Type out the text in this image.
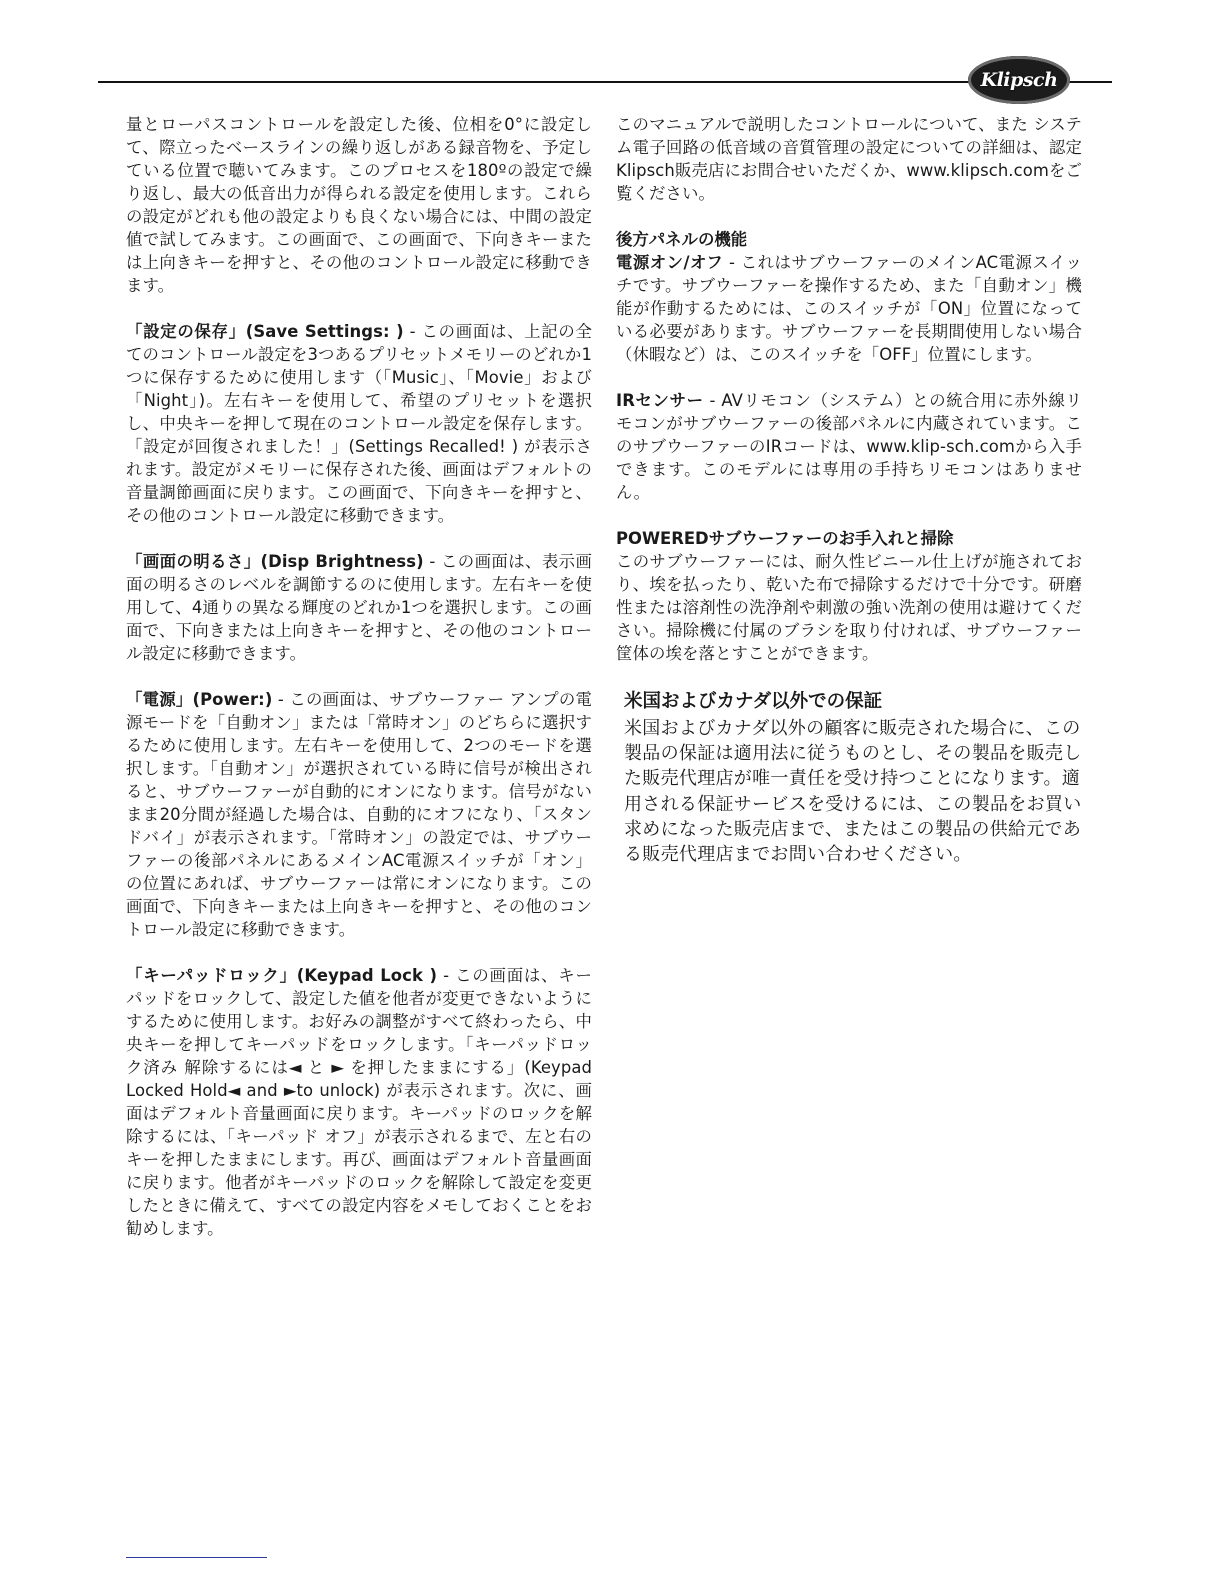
Klipsch

量とローパスコントロールを設定した後、位相を0°に設定して、際立ったベースラインの繰り返しがある録音物を、予定している位置で聴いてみます。このプロセスを180ºの設定で繰り返し、最大の低音出力が得られる設定を使用します。これらの設定がどれも他の設定よりも良くない場合には、中間の設定値で試してみます。この画面で、この画面で、下向きキーまたは上向きキーを押すと、その他のコントロール設定に移動できます。

「設定の保存」(Save Settings: ) - この画面は、上記の全てのコントロール設定を3つあるプリセットメモリーのどれか1つに保存するために使用します（「Music」、「Movie」および「Night」)。左右キーを使用して、希望のプリセットを選択し、中央キーを押して現在のコントロール設定を保存します。「設定が回復されました！」(Settings Recalled! ) が表示されます。設定がメモリーに保存された後、画面はデフォルトの音量調節画面に戻ります。この画面で、下向きキーを押すと、その他のコントロール設定に移動できます。

「画面の明るさ」(Disp Brightness) - この画面は、表示画面の明るさのレベルを調節するのに使用します。左右キーを使用して、4通りの異なる輝度のどれか1つを選択します。この画面で、下向きまたは上向きキーを押すと、その他のコントロール設定に移動できます。

「電源」(Power:) - この画面は、サブウーファー アンプの電源モードを「自動オン」または「常時オン」のどちらに選択するために使用します。左右キーを使用して、2つのモードを選択します。「自動オン」が選択されている時に信号が検出されると、サブウーファーが自動的にオンになります。信号がないまま20分間が経過した場合は、自動的にオフになり、「スタンドバイ」が表示されます。「常時オン」の設定では、サブウーファーの後部パネルにあるメインAC電源スイッチが「オン」の位置にあれば、サブウーファーは常にオンになります。この画面で、下向きキーまたは上向きキーを押すと、その他のコントロール設定に移動できます。

「キーパッドロック」(Keypad Lock ) - この画面は、キーパッドをロックして、設定した値を他者が変更できないようにするために使用します。お好みの調整がすべて終わったら、中央キーを押してキーパッドをロックします。「キーパッドロック済み 解除するには◄ と ► を押したままにする」(Keypad Locked Hold◄ and ►to unlock) が表示されます。次に、画面はデフォルト音量画面に戻ります。キーパッドのロックを解除するには、「キーパッド オフ」が表示されるまで、左と右のキーを押したままにします。再び、画面はデフォルト音量画面に戻ります。他者がキーパッドのロックを解除して設定を変更したときに備えて、すべての設定内容をメモしておくことをお勧めします。

このマニュアルで説明したコントロールについて、また システム電子回路の低音域の音質管理の設定についての詳細は、認定Klipsch販売店にお問合せいただくか、www.klipsch.comをご覧ください。

後方パネルの機能

電源オン/オフ - これはサブウーファーのメインAC電源スイッチです。サブウーファーを操作するため、また「自動オン」機能が作動するためには、このスイッチが「ON」位置になっている必要があります。サブウーファーを長期間使用しない場合（休暇など）は、このスイッチを「OFF」位置にします。

IRセンサー - AVリモコン（システム）との統合用に赤外線リモコンがサブウーファーの後部パネルに内蔵されています。このサブウーファーのIRコードは、www.klip-sch.comから入手できます。このモデルには専用の手持ちリモコンはありません。

POWEREDサブウーファーのお手入れと掃除

このサブウーファーには、耐久性ビニール仕上げが施されており、埃を払ったり、乾いた布で掃除するだけで十分です。研磨性または溶剤性の洗浄剤や刺激の強い洗剤の使用は避けてください。掃除機に付属のブラシを取り付ければ、サブウーファー筐体の埃を落とすことができます。

米国およびカナダ以外での保証

米国およびカナダ以外の顧客に販売された場合に、この製品の保証は適用法に従うものとし、その製品を販売した販売代理店が唯一責任を受け持つことになります。適用される保証サービスを受けるには、この製品をお買い求めになった販売店まで、またはこの製品の供給元である販売代理店までお問い合わせください。
